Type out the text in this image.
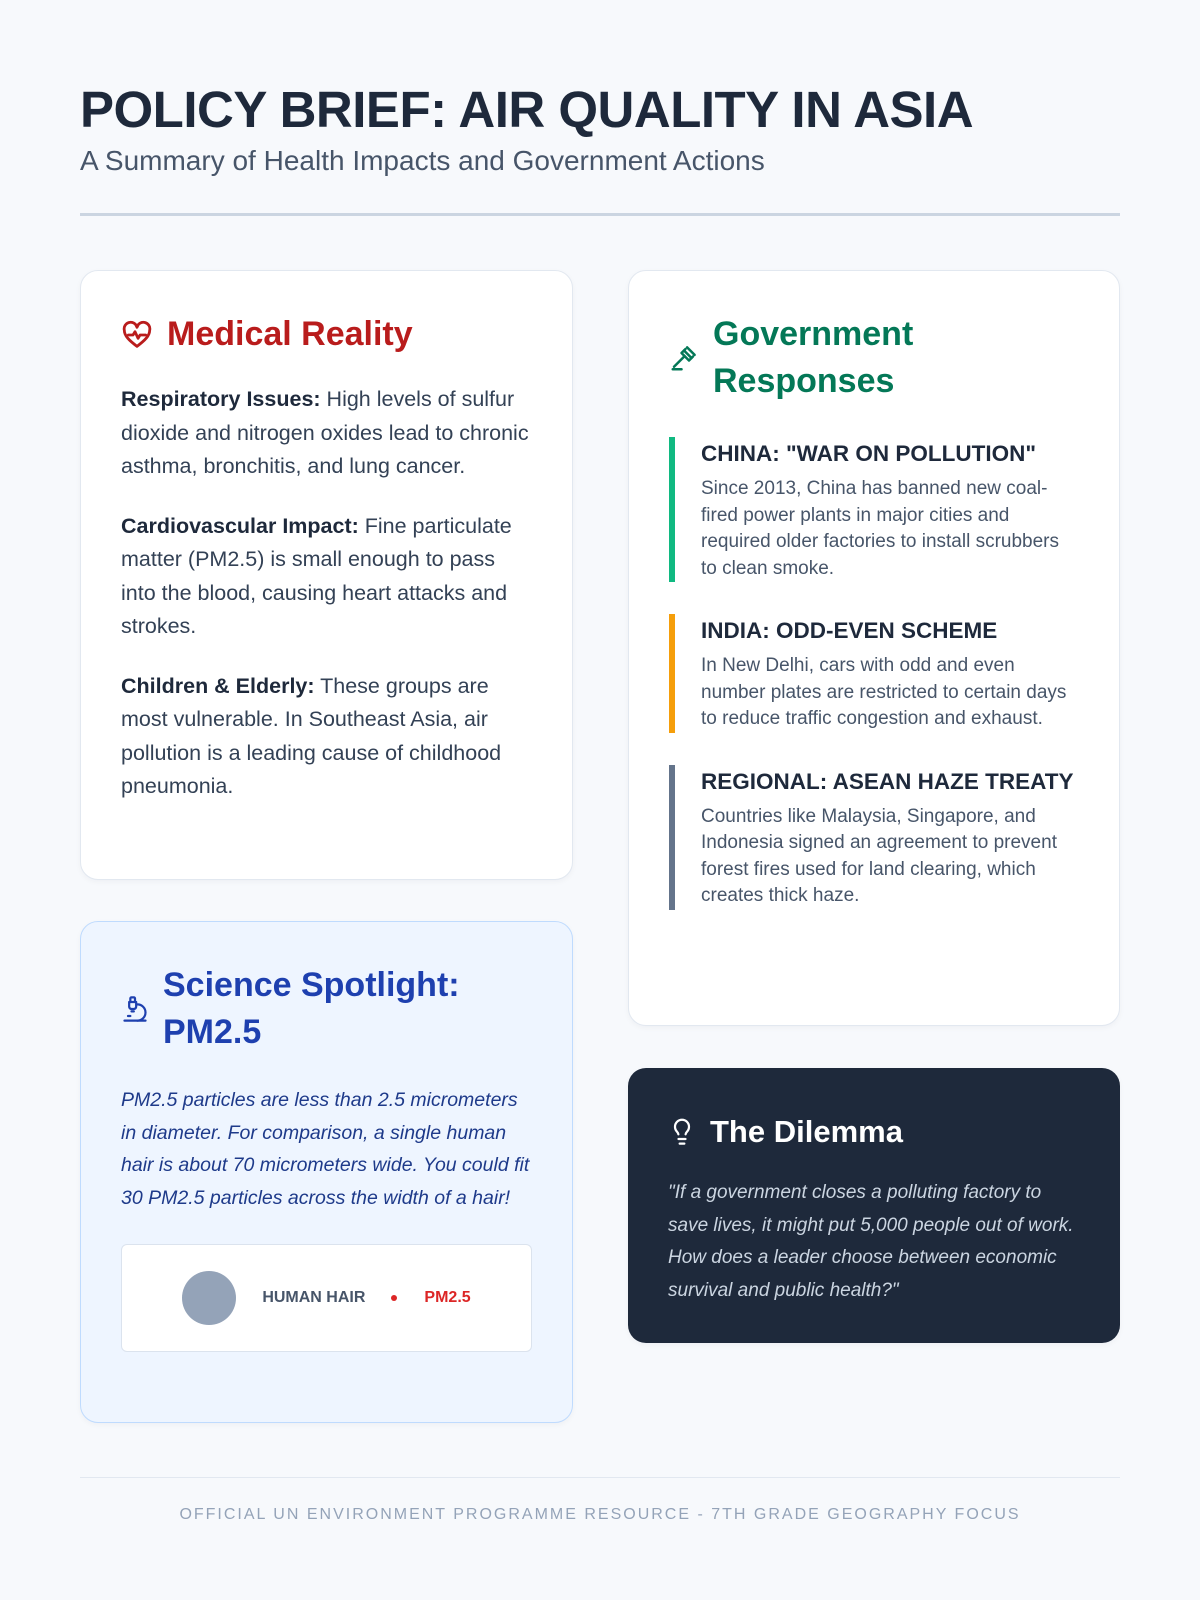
POLICY BRIEF: AIR QUALITY IN ASIA
A Summary of Health Impacts and Government Actions
Medical Reality

Respiratory Issues: High levels of sulfur dioxide and nitrogen oxides lead to chronic asthma, bronchitis, and lung cancer.

Cardiovascular Impact: Fine particulate matter (PM2.5) is small enough to pass into the blood, causing heart attacks and strokes.

Children & Elderly: These groups are most vulnerable. In Southeast Asia, air pollution is a leading cause of childhood pneumonia.

Government Responses
CHINA: "WAR ON POLLUTION"

Since 2013, China has banned new coal-fired power plants in major cities and required older factories to install scrubbers to clean smoke.

INDIA: ODD-EVEN SCHEME

In New Delhi, cars with odd and even number plates are restricted to certain days to reduce traffic congestion and exhaust.

REGIONAL: ASEAN HAZE TREATY

Countries like Malaysia, Singapore, and Indonesia signed an agreement to prevent forest fires used for land clearing, which creates thick haze.

Science Spotlight: PM2.5

PM2.5 particles are less than 2.5 micrometers in diameter. For comparison, a single human hair is about 70 micrometers wide. You could fit 30 PM2.5 particles across the width of a hair!

HUMAN HAIR	PM2.5
The Dilemma

"If a government closes a polluting factory to save lives, it might put 5,000 people out of work. How does a leader choose between economic survival and public health?"

OFFICIAL UN ENVIRONMENT PROGRAMME RESOURCE - 7TH GRADE GEOGRAPHY FOCUS
